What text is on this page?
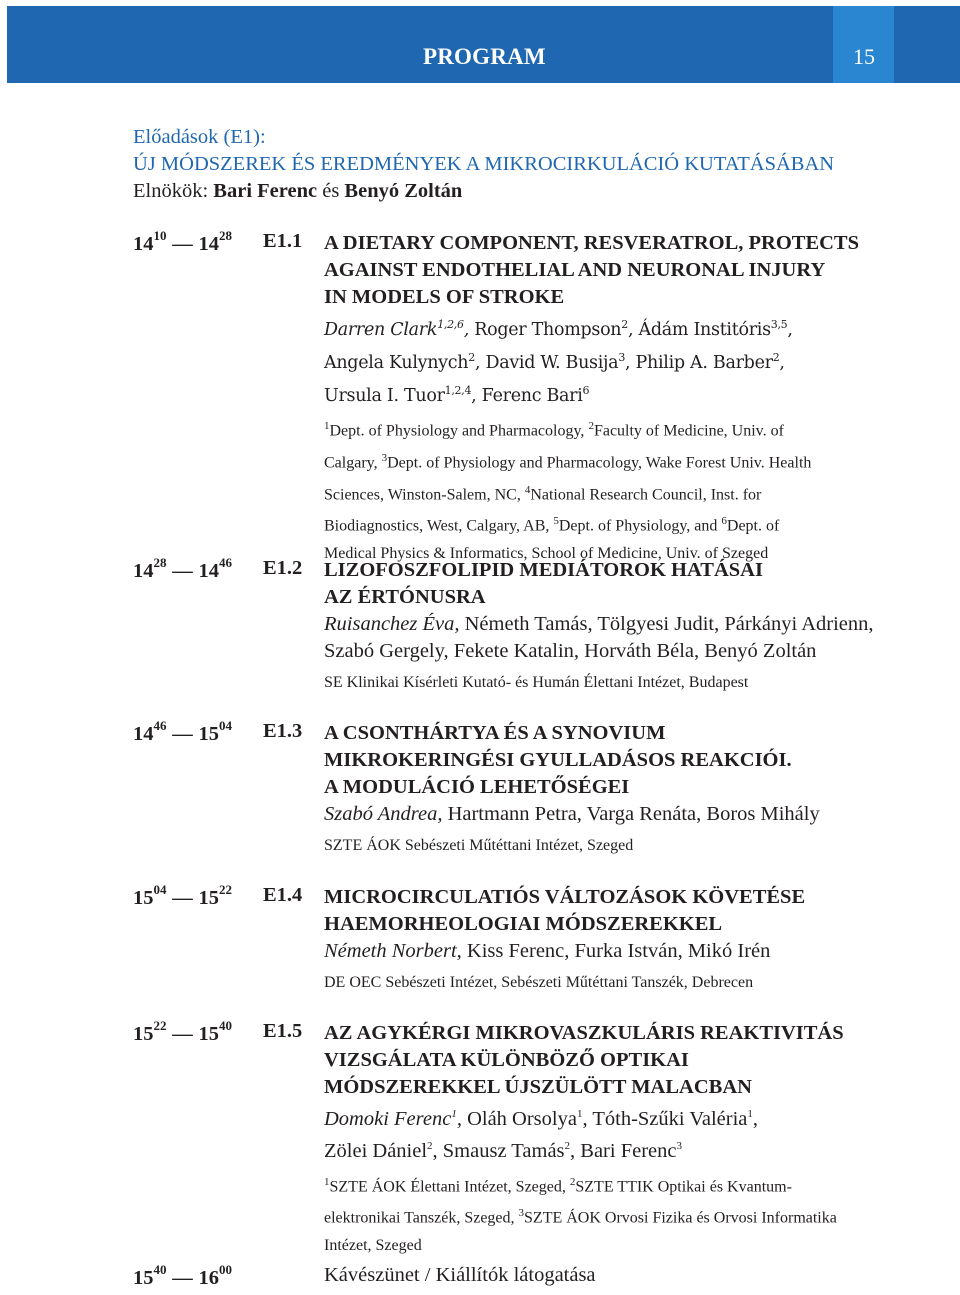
PROGRAM	15
Előadások (E1):
ÚJ MÓDSZEREK ÉS EREDMÉNYEK A MIKROCIRKULÁCIÓ KUTATÁSÁBAN
Elnökök: Bari Ferenc és Benyó Zoltán
$14^{10}$ — $14^{28}$ E1.1 A DIETARY COMPONENT, RESVERATROL, PROTECTS
AGAINST ENDOTHELIAL AND NEURONAL INJURY
IN MODELS OF STROKE
Darren Clark$^{1,2,6}$, Roger Thompson$^2$, Ádám Institóris$^{3,5}$,
Angela Kulynych$^2$, David W. Busija$^3$, Philip A. Barber$^2$,
Ursula I. Tuor$^{1,2,4}$, Ferenc Bari$^6$
$^1$Dept. of Physiology and Pharmacology, $^2$Faculty of Medicine, Univ. of
Calgary, $^3$Dept. of Physiology and Pharmacology, Wake Forest Univ. Health
Sciences, Winston-Salem, NC, $^4$National Research Council, Inst. for
Biodiagnostics, West, Calgary, AB, $^5$Dept. of Physiology, and $^6$Dept. of
Medical Physics & Informatics, School of Medicine, Univ. of Szeged
$14^{28}$ — $14^{46}$ E1.2 LIZOFOSZFOLIPID MEDIÁTOROK HATÁSAI
AZ ÉRTÓNUSRA
Ruisanchez Éva, Németh Tamás, Tölgyesi Judit, Párkányi Adrienn,
Szabó Gergely, Fekete Katalin, Horváth Béla, Benyó Zoltán
SE Klinikai Kísérleti Kutató- és Humán Élettani Intézet, Budapest
$14^{46}$ — $15^{04}$ E1.3 A CSONTHÁRTYA ÉS A SYNOVIUM
MIKROKERINGÉSI GYULLADÁSOS REAKCIÓI.
A MODULÁCIÓ LEHETŐSÉGEI
Szabó Andrea, Hartmann Petra, Varga Renáta, Boros Mihály
SZTE ÁOK Sebészeti Műtéttani Intézet, Szeged
$15^{04}$ — $15^{22}$ E1.4 MICROCIRCULATIÓS VÁLTOZÁSOK KÖVETÉSE
HAEMORHEOLOGIAI MÓDSZEREKKEL
Németh Norbert, Kiss Ferenc, Furka István, Mikó Irén
DE OEC Sebészeti Intézet, Sebészeti Műtéttani Tanszék, Debrecen
$15^{22}$ — $15^{40}$ E1.5 AZ AGYKÉRGI MIKROVASZKULÁRIS REAKTIVITÁS
VIZSGÁLATA KÜLÖNBÖZŐ OPTIKAI
MÓDSZEREKKEL ÚJSZÜLÖTT MALACBAN
Domoki Ferenc$^1$, Oláh Orsolya$^1$, Tóth-Szűki Valéria$^1$,
Zölei Dániel$^2$, Smausz Tamás$^2$, Bari Ferenc$^3$
$^1$SZTE ÁOK Élettani Intézet, Szeged, $^2$SZTE TTIK Optikai és Kvantum-
elektronikai Tanszék, Szeged, $^3$SZTE ÁOK Orvosi Fizika és Orvosi Informatika
Intézet, Szeged
$15^{40}$ — $16^{00}$	Kávészünet / Kiállítók látogatása
